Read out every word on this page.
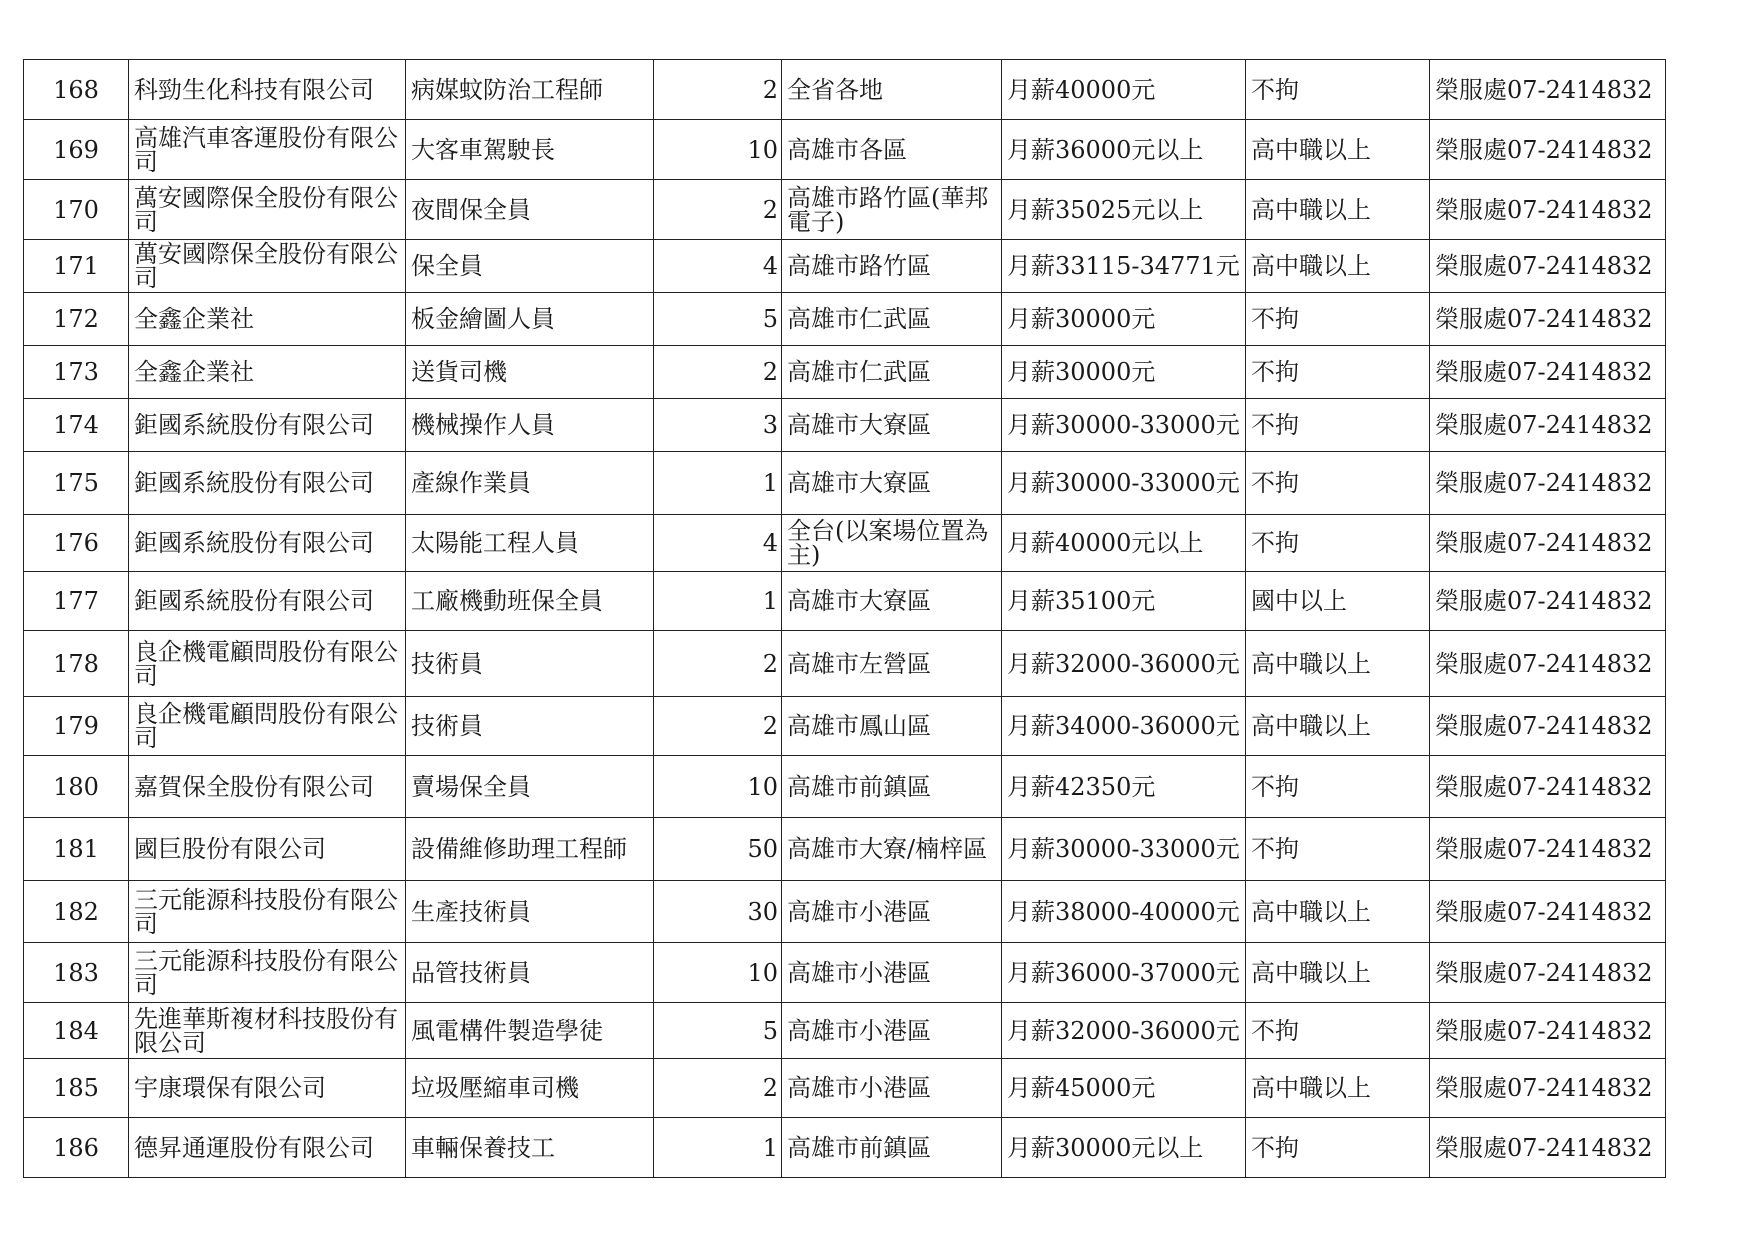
168	科勁生化科技有限公司	病媒蚊防治工程師	2	全省各地	月薪40000元	不拘	榮服處07-2414832
169	高雄汽車客運股份有限公司	大客車駕駛長	10	高雄市各區	月薪36000元以上	高中職以上	榮服處07-2414832
170	萬安國際保全股份有限公司	夜間保全員	2	高雄市路竹區(華邦電子)	月薪35025元以上	高中職以上	榮服處07-2414832
171	萬安國際保全股份有限公司	保全員	4	高雄市路竹區	月薪33115-34771元	高中職以上	榮服處07-2414832
172	全鑫企業社	板金繪圖人員	5	高雄市仁武區	月薪30000元	不拘	榮服處07-2414832
173	全鑫企業社	送貨司機	2	高雄市仁武區	月薪30000元	不拘	榮服處07-2414832
174	鉅國系統股份有限公司	機械操作人員	3	高雄市大寮區	月薪30000-33000元	不拘	榮服處07-2414832
175	鉅國系統股份有限公司	產線作業員	1	高雄市大寮區	月薪30000-33000元	不拘	榮服處07-2414832
176	鉅國系統股份有限公司	太陽能工程人員	4	全台(以案場位置為主)	月薪40000元以上	不拘	榮服處07-2414832
177	鉅國系統股份有限公司	工廠機動班保全員	1	高雄市大寮區	月薪35100元	國中以上	榮服處07-2414832
178	良企機電顧問股份有限公司	技術員	2	高雄市左營區	月薪32000-36000元	高中職以上	榮服處07-2414832
179	良企機電顧問股份有限公司	技術員	2	高雄市鳳山區	月薪34000-36000元	高中職以上	榮服處07-2414832
180	嘉賀保全股份有限公司	賣場保全員	10	高雄市前鎮區	月薪42350元	不拘	榮服處07-2414832
181	國巨股份有限公司	設備維修助理工程師	50	高雄市大寮/楠梓區	月薪30000-33000元	不拘	榮服處07-2414832
182	三元能源科技股份有限公司	生產技術員	30	高雄市小港區	月薪38000-40000元	高中職以上	榮服處07-2414832
183	三元能源科技股份有限公司	品管技術員	10	高雄市小港區	月薪36000-37000元	高中職以上	榮服處07-2414832
184	先進華斯複材科技股份有限公司	風電構件製造學徒	5	高雄市小港區	月薪32000-36000元	不拘	榮服處07-2414832
185	宇康環保有限公司	垃圾壓縮車司機	2	高雄市小港區	月薪45000元	高中職以上	榮服處07-2414832
186	德昇通運股份有限公司	車輛保養技工	1	高雄市前鎮區	月薪30000元以上	不拘	榮服處07-2414832
